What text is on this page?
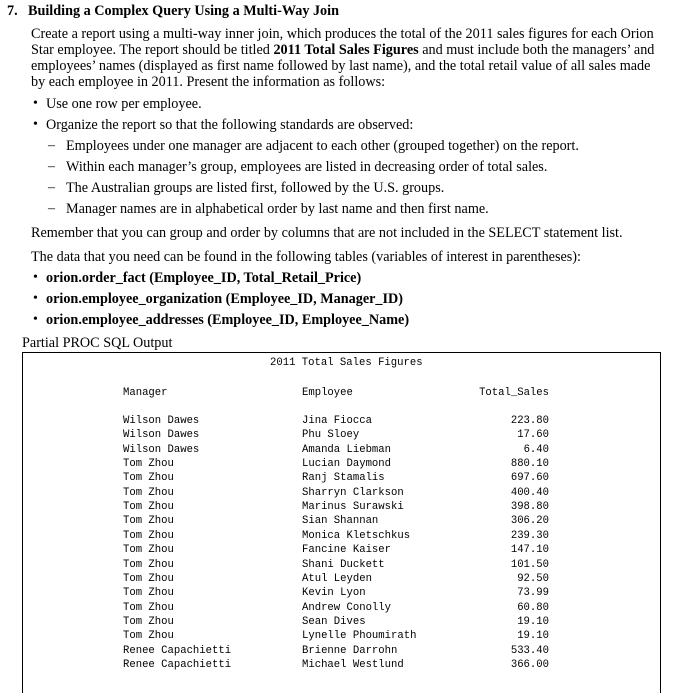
7. Building a Complex Query Using a Multi-Way Join
Create a report using a multi-way inner join, which produces the total of the 2011 sales figures for each Orion
Star employee. The report should be titled 2011 Total Sales Figures and must include both the managers’ and
employees’ names (displayed as first name followed by last name), and the total retail value of all sales made
by each employee in 2011. Present the information as follows:
• Use one row per employee.
• Organize the report so that the following standards are observed:
– Employees under one manager are adjacent to each other (grouped together) on the report.
– Within each manager’s group, employees are listed in decreasing order of total sales.
– The Australian groups are listed first, followed by the U.S. groups.
– Manager names are in alphabetical order by last name and then first name.
Remember that you can group and order by columns that are not included in the SELECT statement list.
The data that you need can be found in the following tables (variables of interest in parentheses):
• orion.order_fact (Employee_ID, Total_Retail_Price)
• orion.employee_organization (Employee_ID, Manager_ID)
• orion.employee_addresses (Employee_ID, Employee_Name)
Partial PROC SQL Output
2011 Total Sales Figures
Manager	Employee	Total_Sales
Wilson Dawes	Jina Fiocca	223.80
Wilson Dawes	Phu Sloey	17.60
Wilson Dawes	Amanda Liebman	6.40
Tom Zhou	Lucian Daymond	880.10
Tom Zhou	Ranj Stamalis	697.60
Tom Zhou	Sharryn Clarkson	400.40
Tom Zhou	Marinus Surawski	398.80
Tom Zhou	Sian Shannan	306.20
Tom Zhou	Monica Kletschkus	239.30
Tom Zhou	Fancine Kaiser	147.10
Tom Zhou	Shani Duckett	101.50
Tom Zhou	Atul Leyden	92.50
Tom Zhou	Kevin Lyon	73.99
Tom Zhou	Andrew Conolly	60.80
Tom Zhou	Sean Dives	19.10
Tom Zhou	Lynelle Phoumirath	19.10
Renee Capachietti	Brienne Darrohn	533.40
Renee Capachietti	Michael Westlund	366.00
